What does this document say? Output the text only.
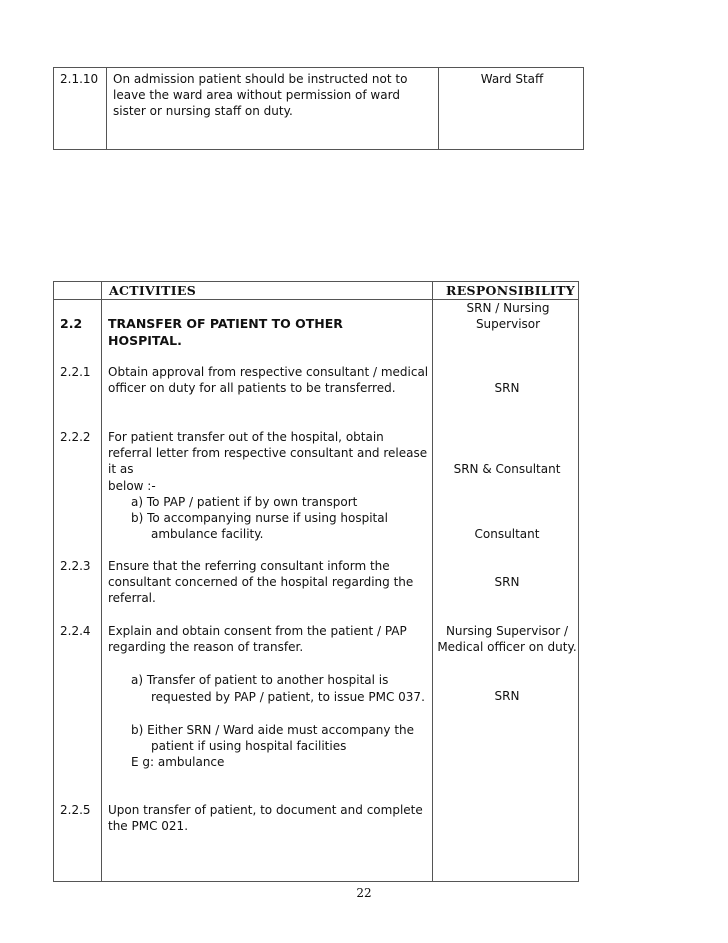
2.1.10 On admission patient should be instructed not to leave the ward area without permission of ward sister or nursing staff on duty.
Ward Staff
ACTIVITIES	RESPONSIBILITY
2.2 TRANSFER OF PATIENT TO OTHER HOSPITAL.
SRN / Nursing Supervisor
2.2.1 Obtain approval from respective consultant / medical officer on duty for all patients to be transferred.	SRN
2.2.2 For patient transfer out of the hospital, obtain referral letter from respective consultant and release it as
below :-
a) To PAP / patient if by own transport
b) To accompanying nurse if using hospital ambulance facility.
SRN & Consultant
Consultant
2.2.3 Ensure that the referring consultant inform the consultant concerned of the hospital regarding the referral.
SRN
2.2.4 Explain and obtain consent from the patient / PAP regarding the reason of transfer.
a) Transfer of patient to another hospital is requested by PAP / patient, to issue PMC 037.
b) Either SRN / Ward aide must accompany the patient if using hospital facilities
E g: ambulance
Nursing Supervisor / Medical officer on duty.
SRN
2.2.5 Upon transfer of patient, to document and complete the PMC 021.
22
